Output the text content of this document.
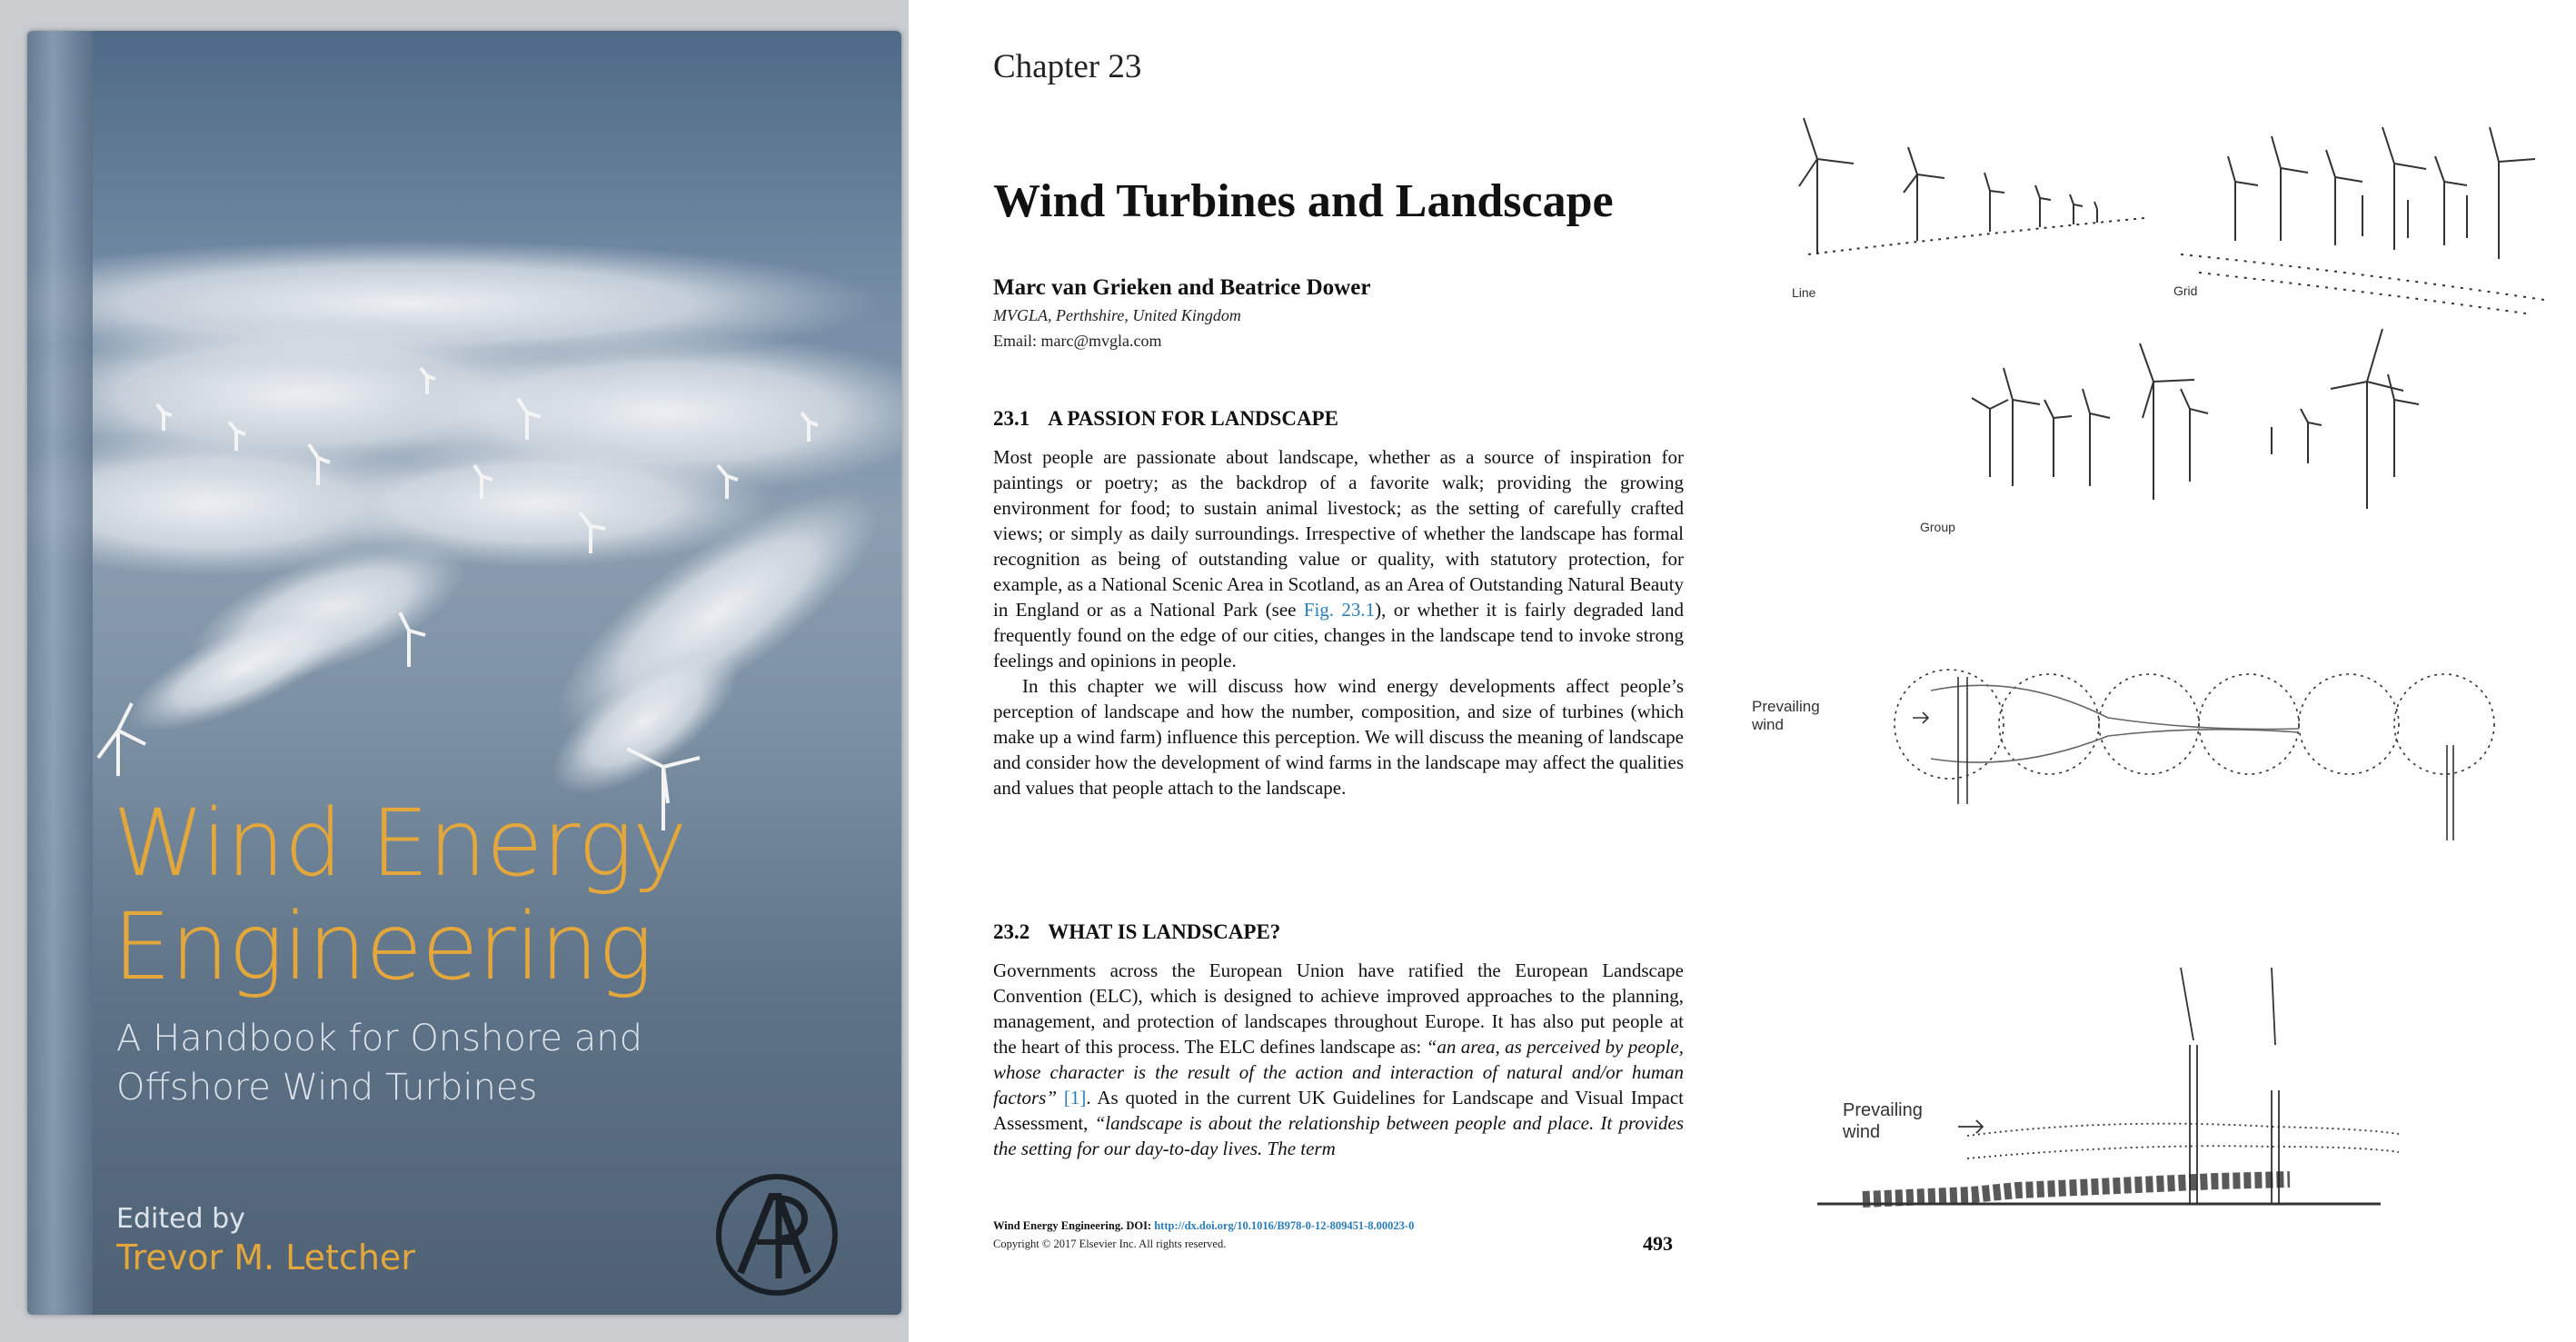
Wind Energy
Engineering
A Handbook for Onshore and
Offshore Wind Turbines
Edited by
Trevor M. Letcher
Chapter 23
Wind Turbines and Landscape
Marc van Grieken and Beatrice Dower
MVGLA, Perthshire, United Kingdom
Email: marc@mvgla.com
23.1 A PASSION FOR LANDSCAPE

Most people are passionate about landscape, whether as a source of inspiration for paintings or poetry; as the backdrop of a favorite walk; providing the growing environment for food; to sustain animal livestock; as the setting of carefully crafted views; or simply as daily surroundings. Irrespective of whether the landscape has formal recognition as being of outstanding value or quality, with statutory protection, for example, as a National Scenic Area in Scotland, as an Area of Outstanding Natural Beauty in England or as a National Park (see Fig. 23.1), or whether it is fairly degraded land frequently found on the edge of our cities, changes in the landscape tend to invoke strong feelings and opinions in people.

In this chapter we will discuss how wind energy developments affect people’s perception of landscape and how the number, composition, and size of turbines (which make up a wind farm) influence this perception. We will discuss the meaning of landscape and consider how the development of wind farms in the landscape may affect the qualities and values that people attach to the landscape.

23.2 WHAT IS LANDSCAPE?

Governments across the European Union have ratified the European Landscape Convention (ELC), which is designed to achieve improved approaches to the planning, management, and protection of landscapes throughout Europe. It has also put people at the heart of this process. The ELC defines landscape as: “an area, as perceived by people, whose character is the result of the action and interaction of natural and/or human factors” [1]. As quoted in the current UK Guidelines for Landscape and Visual Impact Assessment, “landscape is about the relationship between people and place. It provides the setting for our day-to-day lives. The term

Wind Energy Engineering. DOI: http://dx.doi.org/10.1016/B978-0-12-809451-8.00023-0
Copyright © 2017 Elsevier Inc. All rights reserved.	493
Line	Grid
Group
Prevailing
wind
Prevailing
wind
